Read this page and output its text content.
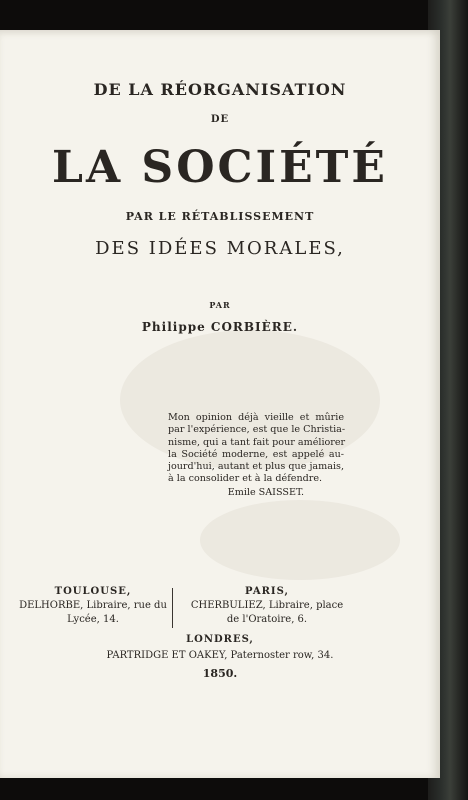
DE LA RÉORGANISATION
DE
LA SOCIÉTÉ
PAR LE RÉTABLISSEMENT
DES IDÉES MORALES,
PAR
Philippe CORBIÈRE.
Mon opinion déjà vieille et mûrie
par l'expérience, est que le Christia-
nisme, qui a tant fait pour améliorer
la Société moderne, est appelé au-
jourd'hui, autant et plus que jamais,
à la consolider et à la défendre.
Emile SAISSET.
TOULOUSE,
DELHORBE, Libraire, rue du
Lycée, 14.
PARIS,
CHERBULIEZ, Libraire, place
de l'Oratoire, 6.
LONDRES,
PARTRIDGE ET OAKEY, Paternoster row, 34.
1850.
